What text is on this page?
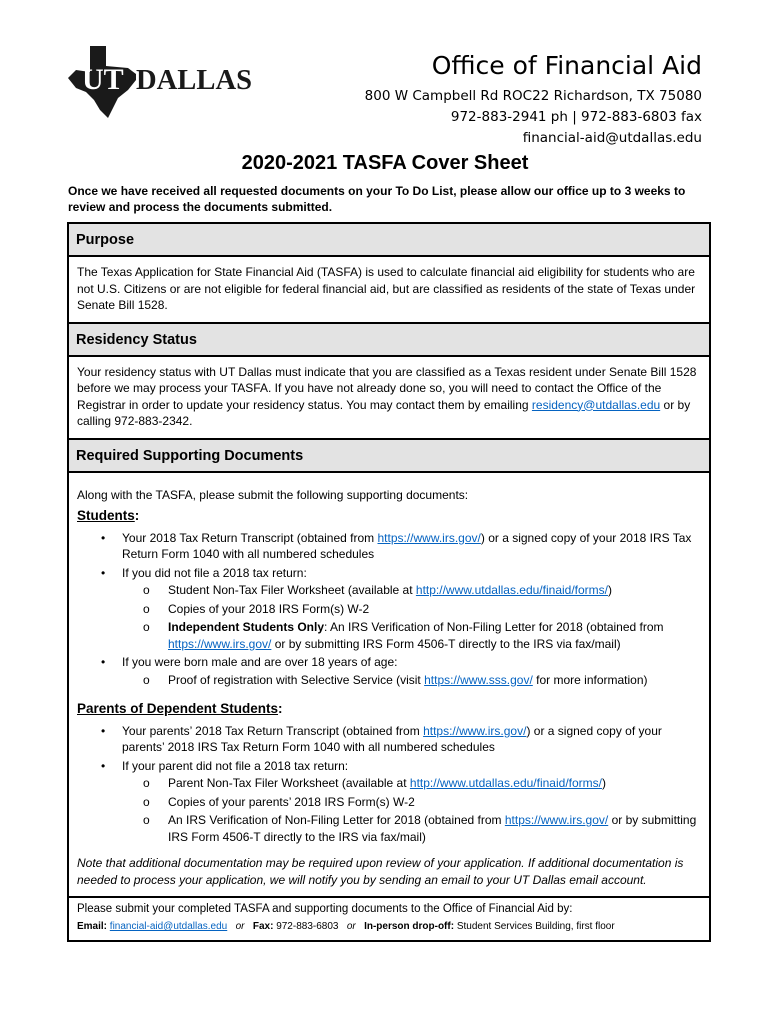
UT DALLAS	Office of Financial Aid
800 W Campbell Rd ROC22 Richardson, TX 75080
972-883-2941 ph | 972-883-6803 fax
financial-aid@utdallas.edu
2020-2021 TASFA Cover Sheet
Once we have received all requested documents on your To Do List, please allow our office up to 3 weeks to review and process the documents submitted.
Purpose
The Texas Application for State Financial Aid (TASFA) is used to calculate financial aid eligibility for students who are not U.S. Citizens or are not eligible for federal financial aid, but are classified as residents of the state of Texas under Senate Bill 1528.
Residency Status
Your residency status with UT Dallas must indicate that you are classified as a Texas resident under Senate Bill 1528 before we may process your TASFA. If you have not already done so, you will need to contact the Office of the Registrar in order to update your residency status. You may contact them by emailing residency@utdallas.edu or by calling 972-883-2342.
Required Supporting Documents
Along with the TASFA, please submit the following supporting documents:
Students:
• Your 2018 Tax Return Transcript (obtained from https://www.irs.gov/) or a signed copy of your 2018 IRS Tax Return Form 1040 with all numbered schedules
• If you did not file a 2018 tax return:
o Student Non-Tax Filer Worksheet (available at http://www.utdallas.edu/finaid/forms/)
o Copies of your 2018 IRS Form(s) W-2
o Independent Students Only: An IRS Verification of Non-Filing Letter for 2018 (obtained from https://www.irs.gov/ or by submitting IRS Form 4506-T directly to the IRS via fax/mail)
• If you were born male and are over 18 years of age:
o Proof of registration with Selective Service (visit https://www.sss.gov/ for more information)
Parents of Dependent Students:
• Your parents’ 2018 Tax Return Transcript (obtained from https://www.irs.gov/) or a signed copy of your parents’ 2018 IRS Tax Return Form 1040 with all numbered schedules
• If your parent did not file a 2018 tax return:
o Parent Non-Tax Filer Worksheet (available at http://www.utdallas.edu/finaid/forms/)
o Copies of your parents’ 2018 IRS Form(s) W-2
o An IRS Verification of Non-Filing Letter for 2018 (obtained from https://www.irs.gov/ or by submitting IRS Form 4506-T directly to the IRS via fax/mail)
Note that additional documentation may be required upon review of your application. If additional documentation is needed to process your application, we will notify you by sending an email to your UT Dallas email account.
Please submit your completed TASFA and supporting documents to the Office of Financial Aid by:
Email: financial-aid@utdallas.edu or Fax: 972-883-6803 or In-person drop-off: Student Services Building, first floor
